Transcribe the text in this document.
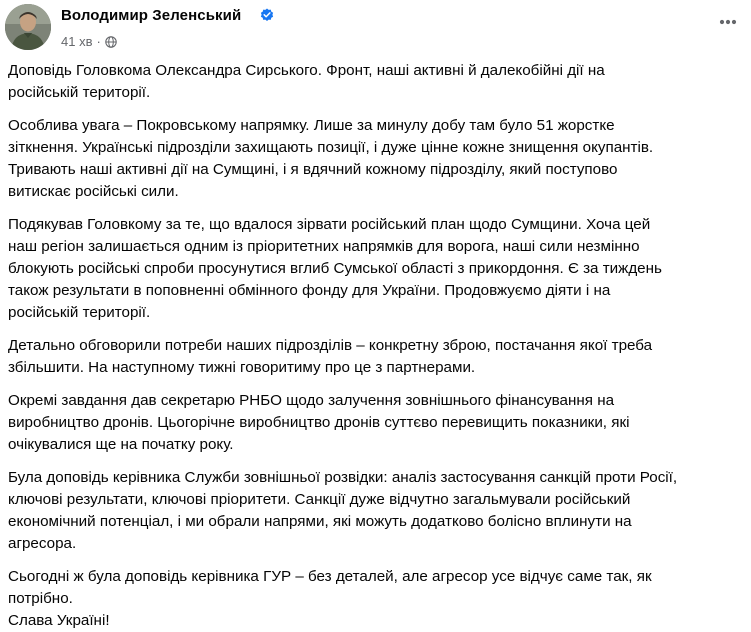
Володимир Зеленський
41 хв ·

Доповідь Головкома Олександра Сирського. Фронт, наші активні й далекобійні дії на
російській території.

Особлива увага – Покровському напрямку. Лише за минулу добу там було 51 жорстке
зіткнення. Українські підрозділи захищають позиції, і дуже цінне кожне знищення окупантів.
Тривають наші активні дії на Сумщині, і я вдячний кожному підрозділу, який поступово
витискає російські сили.

Подякував Головкому за те, що вдалося зірвати російський план щодо Сумщини. Хоча цей
наш регіон залишається одним із пріоритетних напрямків для ворога, наші сили незмінно
блокують російські спроби просунутися вглиб Сумської області з прикордоння. Є за тиждень
також результати в поповненні обмінного фонду для України. Продовжуємо діяти і на
російській території.

Детально обговорили потреби наших підрозділів – конкретну зброю, постачання якої треба
збільшити. На наступному тижні говоритиму про це з партнерами.

Окремі завдання дав секретарю РНБО щодо залучення зовнішнього фінансування на
виробництво дронів. Цьогорічне виробництво дронів суттєво перевищить показники, які
очікувалися ще на початку року.

Була доповідь керівника Служби зовнішньої розвідки: аналіз застосування санкцій проти Росії,
ключові результати, ключові пріоритети. Санкції дуже відчутно загальмували російський
економічний потенціал, і ми обрали напрями, які можуть додатково болісно вплинути на
агресора.

Сьогодні ж була доповідь керівника ГУР – без деталей, але агресор усе відчує саме так, як
потрібно.
Слава Україні!
